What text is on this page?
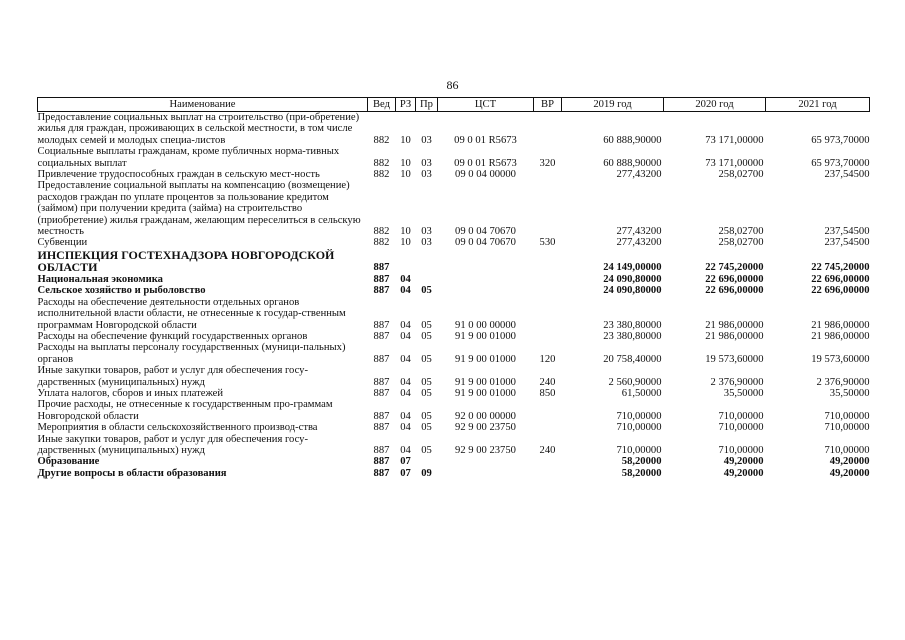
86
Наименование	Вед	РЗ	Пр	ЦСТ	ВР	2019 год	2020 год	2021 год
Предоставление социальных выплат на строительство (при-обретение) жилья для граждан, проживающих в сельской местности, в том числе молодых семей и молодых специа-листов	882	10	03	09 0 01 R5673		60 888,90000	73 171,00000	65 973,70000
Социальные выплаты гражданам, кроме публичных норма-тивных социальных выплат	882	10	03	09 0 01 R5673	320	60 888,90000	73 171,00000	65 973,70000
Привлечение трудоспособных граждан в сельскую мест-ность	882	10	03	09 0 04 00000		277,43200	258,02700	237,54500
Предоставление социальной выплаты на компенсацию (возмещение) расходов граждан по уплате процентов за пользование кредитом (займом) при получении кредита (займа) на строительство (приобретение) жилья гражданам, желающим переселиться в сельскую местность	882	10	03	09 0 04 70670		277,43200	258,02700	237,54500
Субвенции	882	10	03	09 0 04 70670	530	277,43200	258,02700	237,54500
ИНСПЕКЦИЯ ГОСТЕХНАДЗОРА НОВГОРОДСКОЙ ОБЛАСТИ	887					24 149,00000	22 745,20000	22 745,20000
Национальная экономика	887	04				24 090,80000	22 696,00000	22 696,00000
Сельское хозяйство и рыболовство	887	04	05			24 090,80000	22 696,00000	22 696,00000
Расходы на обеспечение деятельности отдельных органов исполнительной власти области, не отнесенные к государ-ственным программам Новгородской области	887	04	05	91 0 00 00000		23 380,80000	21 986,00000	21 986,00000
Расходы на обеспечение функций государственных органов	887	04	05	91 9 00 01000		23 380,80000	21 986,00000	21 986,00000
Расходы на выплаты персоналу государственных (муници-пальных) органов	887	04	05	91 9 00 01000	120	20 758,40000	19 573,60000	19 573,60000
Иные закупки товаров, работ и услуг для обеспечения госу-дарственных (муниципальных) нужд	887	04	05	91 9 00 01000	240	2 560,90000	2 376,90000	2 376,90000
Уплата налогов, сборов и иных платежей	887	04	05	91 9 00 01000	850	61,50000	35,50000	35,50000
Прочие расходы, не отнесенные к государственным про-граммам Новгородской области	887	04	05	92 0 00 00000		710,00000	710,00000	710,00000
Мероприятия в области сельскохозяйственного производ-ства	887	04	05	92 9 00 23750		710,00000	710,00000	710,00000
Иные закупки товаров, работ и услуг для обеспечения госу-дарственных (муниципальных) нужд	887	04	05	92 9 00 23750	240	710,00000	710,00000	710,00000
Образование	887	07				58,20000	49,20000	49,20000
Другие вопросы в области образования	887	07	09			58,20000	49,20000	49,20000
